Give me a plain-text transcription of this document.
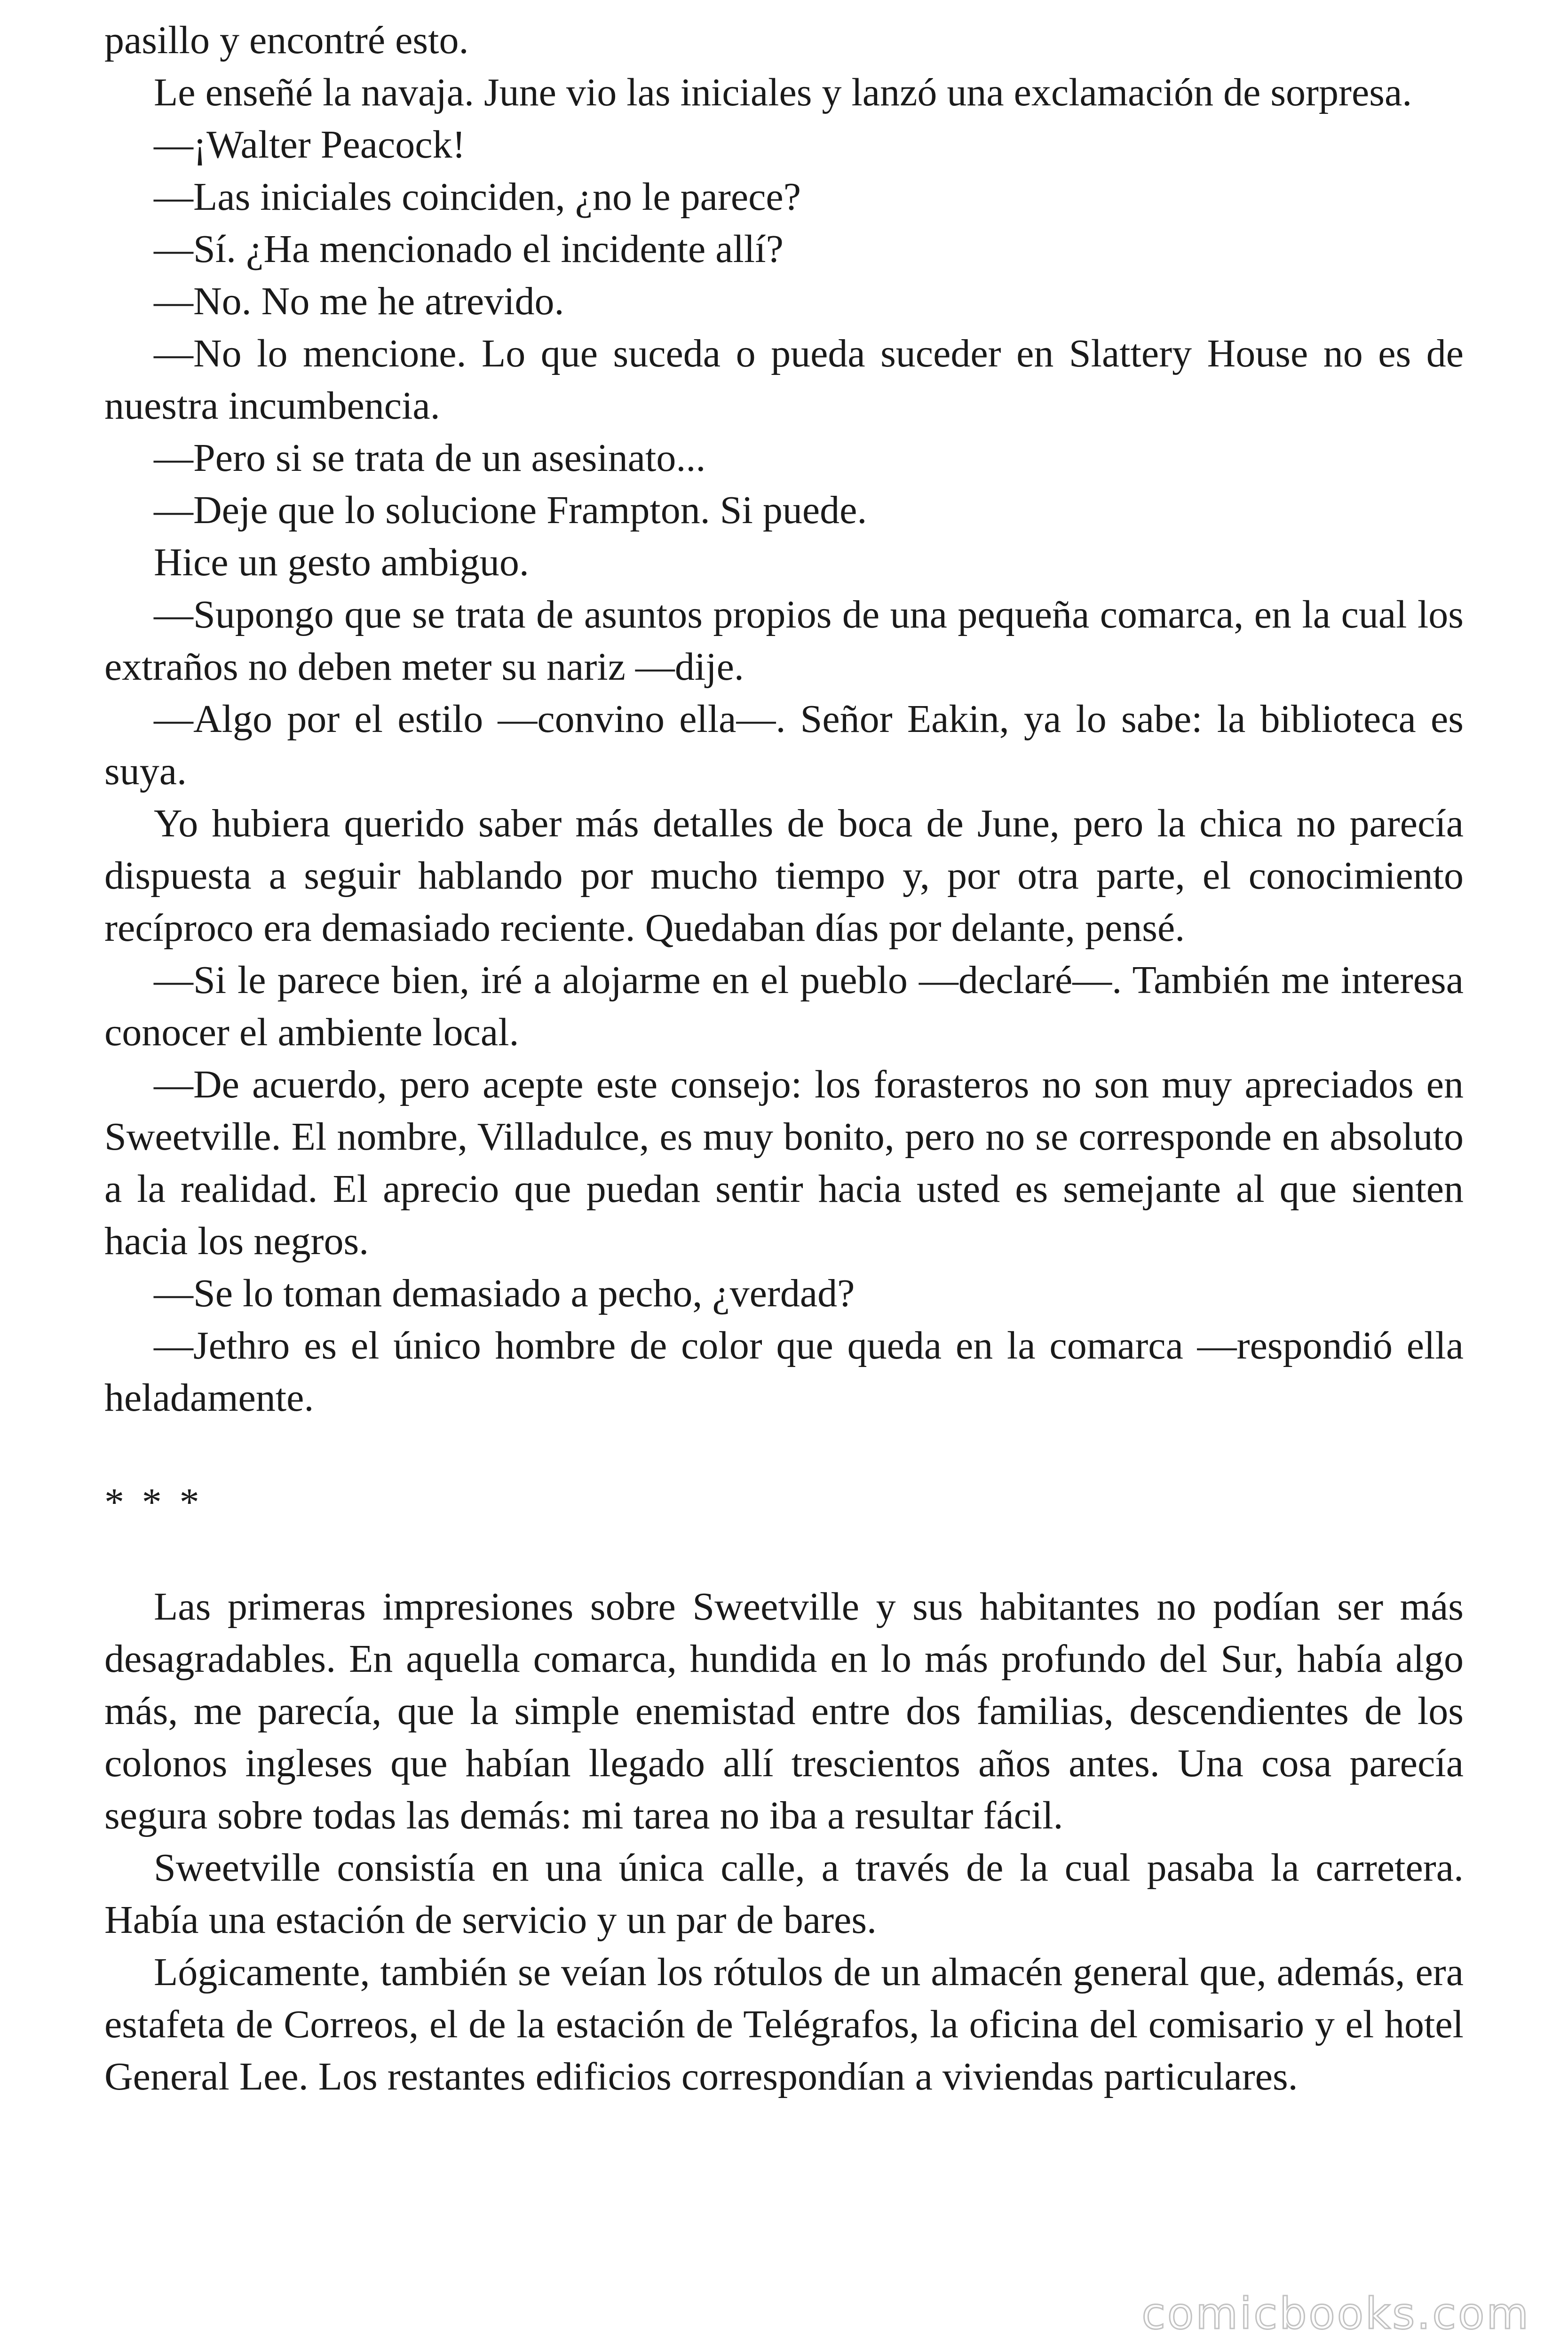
pasillo y encontré esto.

Le enseñé la navaja. June vio las iniciales y lanzó una exclamación de sorpresa.

—¡Walter Peacock!

—Las iniciales coinciden, ¿no le parece?

—Sí. ¿Ha mencionado el incidente allí?

—No. No me he atrevido.

—No lo mencione. Lo que suceda o pueda suceder en Slattery House no es de nuestra incumbencia.

—Pero si se trata de un asesinato...

—Deje que lo solucione Frampton. Si puede.

Hice un gesto ambiguo.

—Supongo que se trata de asuntos propios de una pequeña comarca, en la cual los extraños no deben meter su nariz —dije.

—Algo por el estilo —convino ella—. Señor Eakin, ya lo sabe: la biblioteca es suya.

Yo hubiera querido saber más detalles de boca de June, pero la chica no parecía dispuesta a seguir hablando por mucho tiempo y, por otra parte, el conocimiento recíproco era demasiado reciente. Quedaban días por delante, pensé.

—Si le parece bien, iré a alojarme en el pueblo —declaré—. También me interesa conocer el ambiente local.

—De acuerdo, pero acepte este consejo: los forasteros no son muy apreciados en Sweetville. El nombre, Villadulce, es muy bonito, pero no se corresponde en absoluto a la realidad. El aprecio que puedan sentir hacia usted es semejante al que sienten hacia los negros.

—Se lo toman demasiado a pecho, ¿verdad?

—Jethro es el único hombre de color que queda en la comarca —respondió ella heladamente.

* * *

Las primeras impresiones sobre Sweetville y sus habitantes no podían ser más desagradables. En aquella comarca, hundida en lo más profundo del Sur, había algo más, me parecía, que la simple enemistad entre dos familias, descendientes de los colonos ingleses que habían llegado allí trescientos años antes. Una cosa parecía segura sobre todas las demás: mi tarea no iba a resultar fácil.

Sweetville consistía en una única calle, a través de la cual pasaba la carretera. Había una estación de servicio y un par de bares.

Lógicamente, también se veían los rótulos de un almacén general que, además, era estafeta de Correos, el de la estación de Telégrafos, la oficina del comisario y el hotel General Lee. Los restantes edificios correspondían a viviendas particulares.

comicbooks.com
